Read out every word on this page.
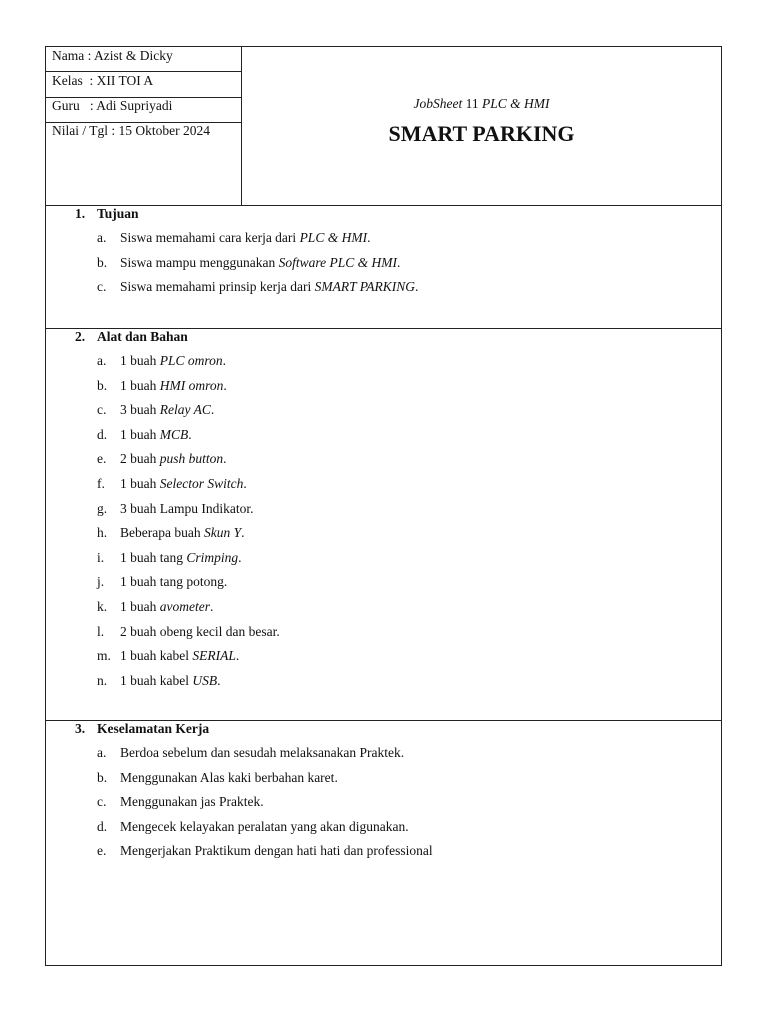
Nama : Azist & Dicky
Kelas  : XII TOI A
Guru   : Adi Supriyadi
Nilai / Tgl : 15 Oktober 2024
JobSheet 11 PLC & HMI
SMART PARKING
1. Tujuan
a. Siswa memahami cara kerja dari PLC & HMI.
b. Siswa mampu menggunakan Software PLC & HMI.
c. Siswa memahami prinsip kerja dari SMART PARKING.
2. Alat dan Bahan
a. 1 buah PLC omron.
b. 1 buah HMI omron.
c. 3 buah Relay AC.
d. 1 buah MCB.
e. 2 buah push button.
f. 1 buah Selector Switch.
g. 3 buah Lampu Indikator.
h. Beberapa buah Skun Y.
i. 1 buah tang Crimping.
j. 1 buah tang potong.
k. 1 buah avometer.
l. 2 buah obeng kecil dan besar.
m. 1 buah kabel SERIAL.
n. 1 buah kabel USB.
3. Keselamatan Kerja
a. Berdoa sebelum dan sesudah melaksanakan Praktek.
b. Menggunakan Alas kaki berbahan karet.
c. Menggunakan jas Praktek.
d. Mengecek kelayakan peralatan yang akan digunakan.
e. Mengerjakan Praktikum dengan hati hati dan professional
